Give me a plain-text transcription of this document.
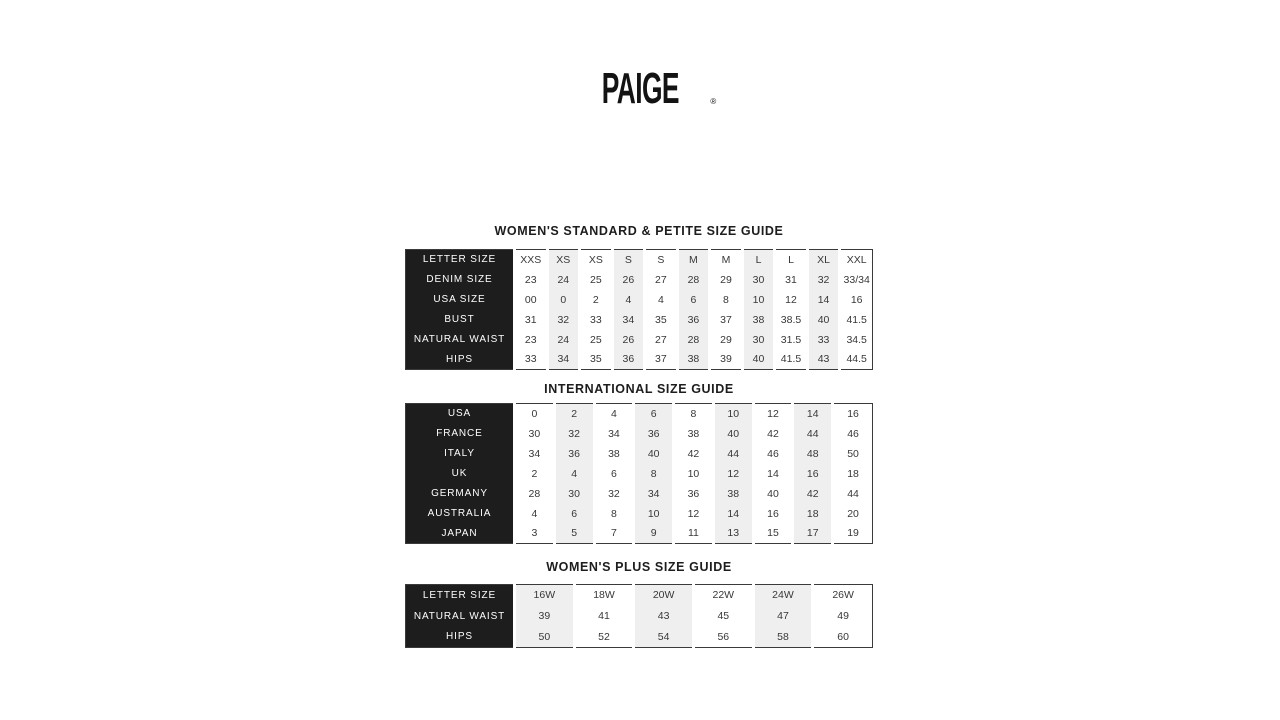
PAIGE	®
WOMEN'S STANDARD & PETITE SIZE GUIDE
LETTER SIZE	XXS	XS	XS	S	S	M	M	L	L	XL	XXL
DENIM SIZE	23	24	25	26	27	28	29	30	31	32	33/34
USA SIZE	00	0	2	4	4	6	8	10	12	14	16
BUST	31	32	33	34	35	36	37	38	38.5	40	41.5
NATURAL WAIST	23	24	25	26	27	28	29	30	31.5	33	34.5
HIPS	33	34	35	36	37	38	39	40	41.5	43	44.5
INTERNATIONAL SIZE GUIDE
USA	0	2	4	6	8	10	12	14	16
FRANCE	30	32	34	36	38	40	42	44	46
ITALY	34	36	38	40	42	44	46	48	50
UK	2	4	6	8	10	12	14	16	18
GERMANY	28	30	32	34	36	38	40	42	44
AUSTRALIA	4	6	8	10	12	14	16	18	20
JAPAN	3	5	7	9	11	13	15	17	19
WOMEN'S PLUS SIZE GUIDE
LETTER SIZE	16W	18W	20W	22W	24W	26W
NATURAL WAIST	39	41	43	45	47	49
HIPS	50	52	54	56	58	60
